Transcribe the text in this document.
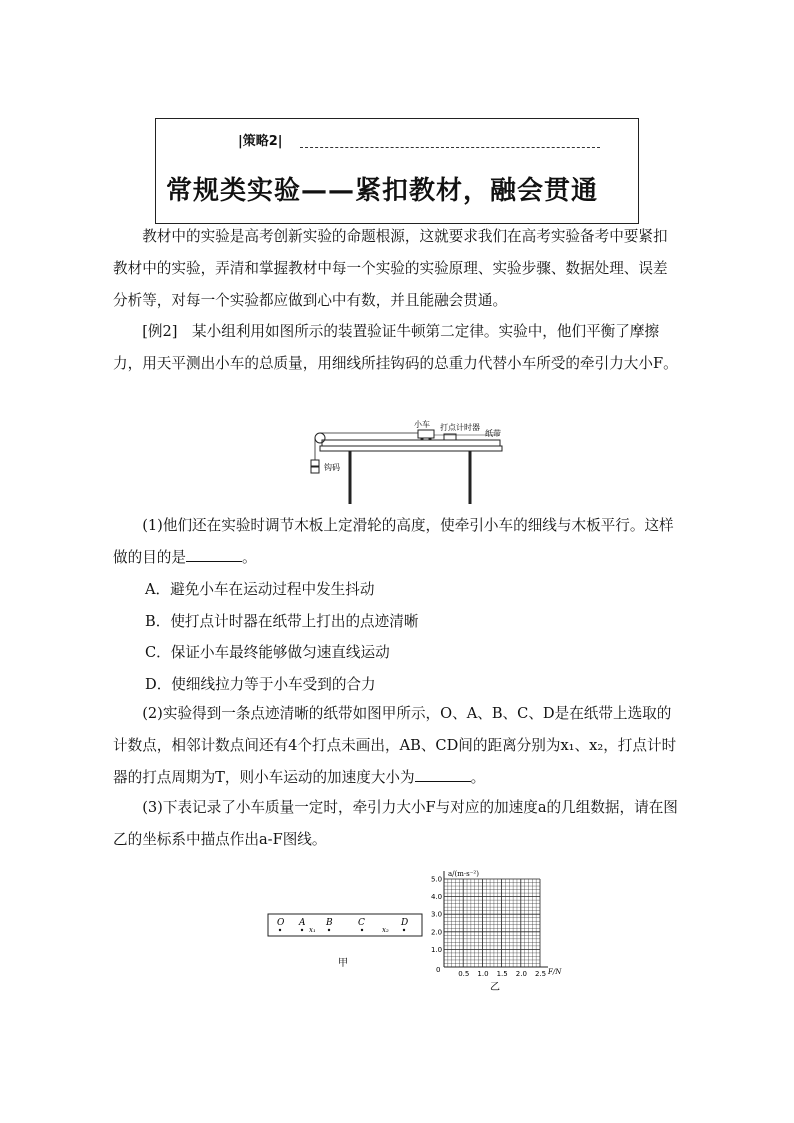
|策略2|
常规类实验——紧扣教材，融会贯通
教材中的实验是高考创新实验的命题根源，这就要求我们在高考实验备考中要紧扣教材中的实验，弄清和掌握教材中每一个实验的实验原理、实验步骤、数据处理、误差分析等，对每一个实验都应做到心中有数，并且能融会贯通。
[例2]　某小组利用如图所示的装置验证牛顿第二定律。实验中，他们平衡了摩擦力，用天平测出小车的总质量，用细线所挂钩码的总重力代替小车所受的牵引力大小F。
小车 打点计时器
纸带
钩码
(1)他们还在实验时调节木板上定滑轮的高度，使牵引小车的细线与木板平行。这样做的目的是	。
A．避免小车在运动过程中发生抖动
B．使打点计时器在纸带上打出的点迹清晰
C．保证小车最终能够做匀速直线运动
D．使细线拉力等于小车受到的合力
(2)实验得到一条点迹清晰的纸带如图甲所示，O、A、B、C、D是在纸带上选取的计数点，相邻计数点间还有4个打点未画出，AB、CD间的距离分别为x₁、x₂，打点计时器的打点周期为T，则小车运动的加速度大小为	。
(3)下表记录了小车质量一定时，牵引力大小F与对应的加速度a的几组数据，请在图乙的坐标系中描点作出a-F图线。
O A B	C	D
x₁	x₂
甲
0.5 1.0 1.5 2.0 2.5
1.0
2.0
3.0
4.0
5.0
a/(m·s⁻²)
F/N
0
乙
